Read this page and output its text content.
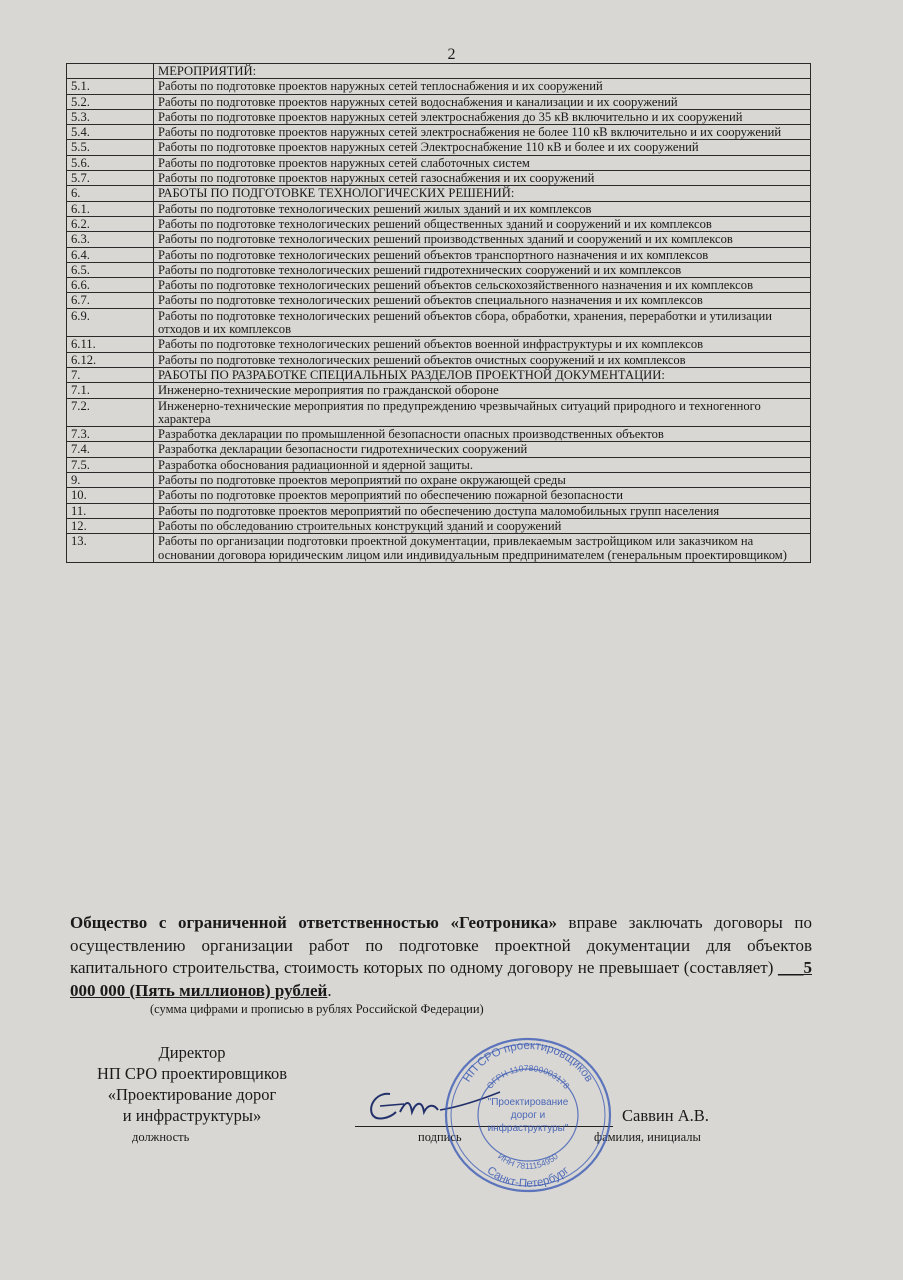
2
	МЕРОПРИЯТИЙ:
5.1.	Работы по подготовке проектов наружных сетей теплоснабжения и их сооружений
5.2.	Работы по подготовке проектов наружных сетей водоснабжения и канализации и их сооружений
5.3.	Работы по подготовке проектов наружных сетей электроснабжения до 35 кВ включительно и их сооружений
5.4.	Работы по подготовке проектов наружных сетей электроснабжения не более 110 кВ включительно и их сооружений
5.5.	Работы по подготовке проектов наружных сетей Электроснабжение 110 кВ и более и их сооружений
5.6.	Работы по подготовке проектов наружных сетей слаботочных систем
5.7.	Работы по подготовке проектов наружных сетей газоснабжения и их сооружений
6.	РАБОТЫ ПО ПОДГОТОВКЕ ТЕХНОЛОГИЧЕСКИХ РЕШЕНИЙ:
6.1.	Работы по подготовке технологических решений жилых зданий и их комплексов
6.2.	Работы по подготовке технологических решений общественных зданий и сооружений и их комплексов
6.3.	Работы по подготовке технологических решений производственных зданий и сооружений и их комплексов
6.4.	Работы по подготовке технологических решений объектов транспортного назначения и их комплексов
6.5.	Работы по подготовке технологических решений гидротехнических сооружений и их комплексов
6.6.	Работы по подготовке технологических решений объектов сельскохозяйственного назначения и их комплексов
6.7.	Работы по подготовке технологических решений объектов специального назначения и их комплексов
6.9.	Работы по подготовке технологических решений объектов сбора, обработки, хранения, переработки и утилизации отходов и их комплексов
6.11.	Работы по подготовке технологических решений объектов военной инфраструктуры и их комплексов
6.12.	Работы по подготовке технологических решений объектов очистных сооружений и их комплексов
7.	РАБОТЫ ПО РАЗРАБОТКЕ СПЕЦИАЛЬНЫХ РАЗДЕЛОВ ПРОЕКТНОЙ ДОКУМЕНТАЦИИ:
7.1.	Инженерно-технические мероприятия по гражданской обороне
7.2.	Инженерно-технические мероприятия по предупреждению чрезвычайных ситуаций природного и техногенного характера
7.3.	Разработка декларации по промышленной безопасности опасных производственных объектов
7.4.	Разработка декларации безопасности гидротехнических сооружений
7.5.	Разработка обоснования радиационной и ядерной защиты.
9.	Работы по подготовке проектов мероприятий по охране окружающей среды
10.	Работы по подготовке проектов мероприятий по обеспечению пожарной безопасности
11.	Работы по подготовке проектов мероприятий по обеспечению доступа маломобильных групп населения
12.	Работы по обследованию строительных конструкций зданий и сооружений
13.	Работы по организации подготовки проектной документации, привлекаемым застройщиком или заказчиком на основании договора юридическим лицом или индивидуальным предпринимателем (генеральным проектировщиком)
Общество с ограниченной ответственностью «Геотроника» вправе заключать договоры по осуществлению организации работ по подготовке проектной документации для объектов капитального строительства, стоимость которых по одному договору не превышает (составляет) ___5 000 000 (Пять миллионов) рублей.
(сумма цифрами и прописью в рублях Российской Федерации)
Директор
НП СРО проектировщиков
«Проектирование дорог
и инфраструктуры»
должность	подпись	фамилия, инициалы
Саввин А.В.
НП СРО проектировщиков
Санкт-Петербург
ОГРН 1107800003178
ИНН 7811154950
"Проектирование
дорог и
инфраструктуры"
